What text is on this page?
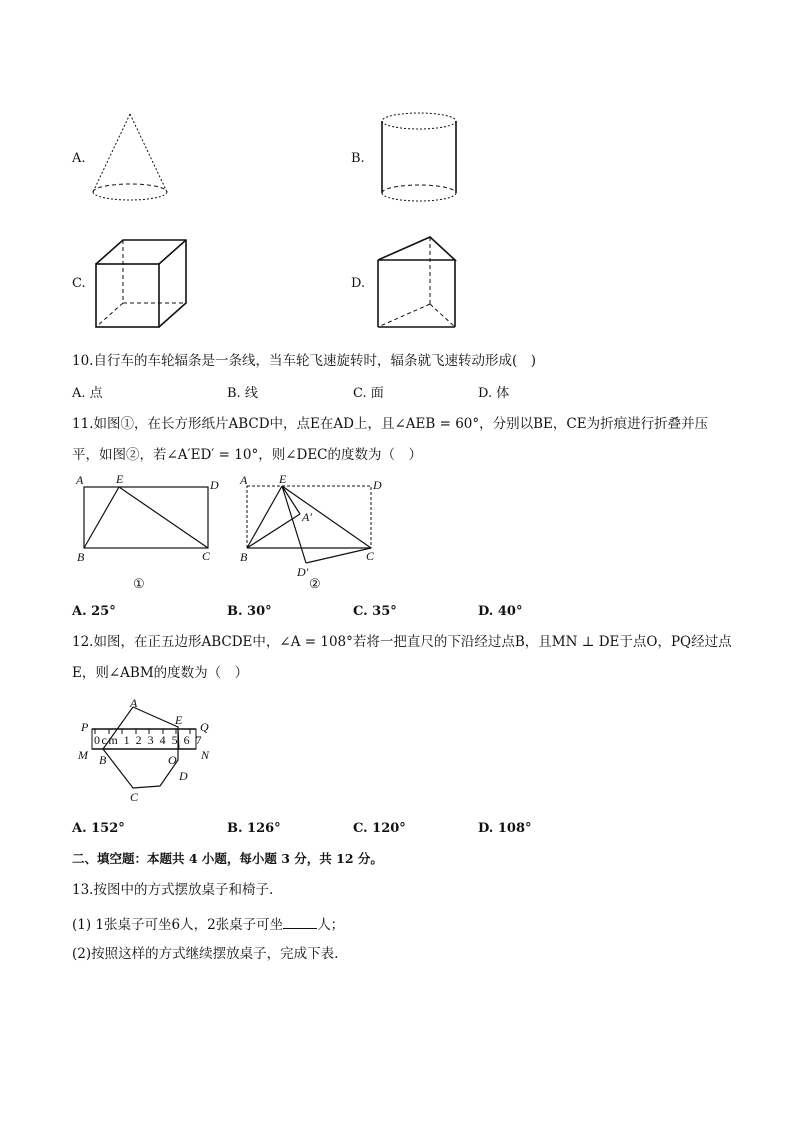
A.	B.
C.	D.
10.自行车的车轮辐条是一条线，当车轮飞速旋转时，辐条就飞速转动形成(　)
A. 点	B. 线	C. 面	D. 体
11.如图①，在长方形纸片ABCD中，点E在AD上，且∠AEB = 60°，分别以BE，CE为折痕进行折叠并压
平，如图②，若∠A′ED′ = 10°，则∠DEC的度数为（　）
A	E	D
B	C
①
A	E	D
A′
B	C
D′
②
A. 25°	B. 30°	C. 35°	D. 40°
12.如图，在正五边形ABCDE中，∠A = 108°若将一把直尺的下沿经过点B，且MN ⊥ DE于点O，PQ经过点
E，则∠ABM的度数为（　）
A
P	E Q
M B	O N
C
D
0cm 1 2 3 4 5 6 7
A. 152°	B. 126°	C. 120°	D. 108°
二、填空题：本题共 4 小题，每小题 3 分，共 12 分。
13.按图中的方式摆放桌子和椅子.
(1) 1张桌子可坐6人，2张桌子可坐	人；
(2)按照这样的方式继续摆放桌子，完成下表.
